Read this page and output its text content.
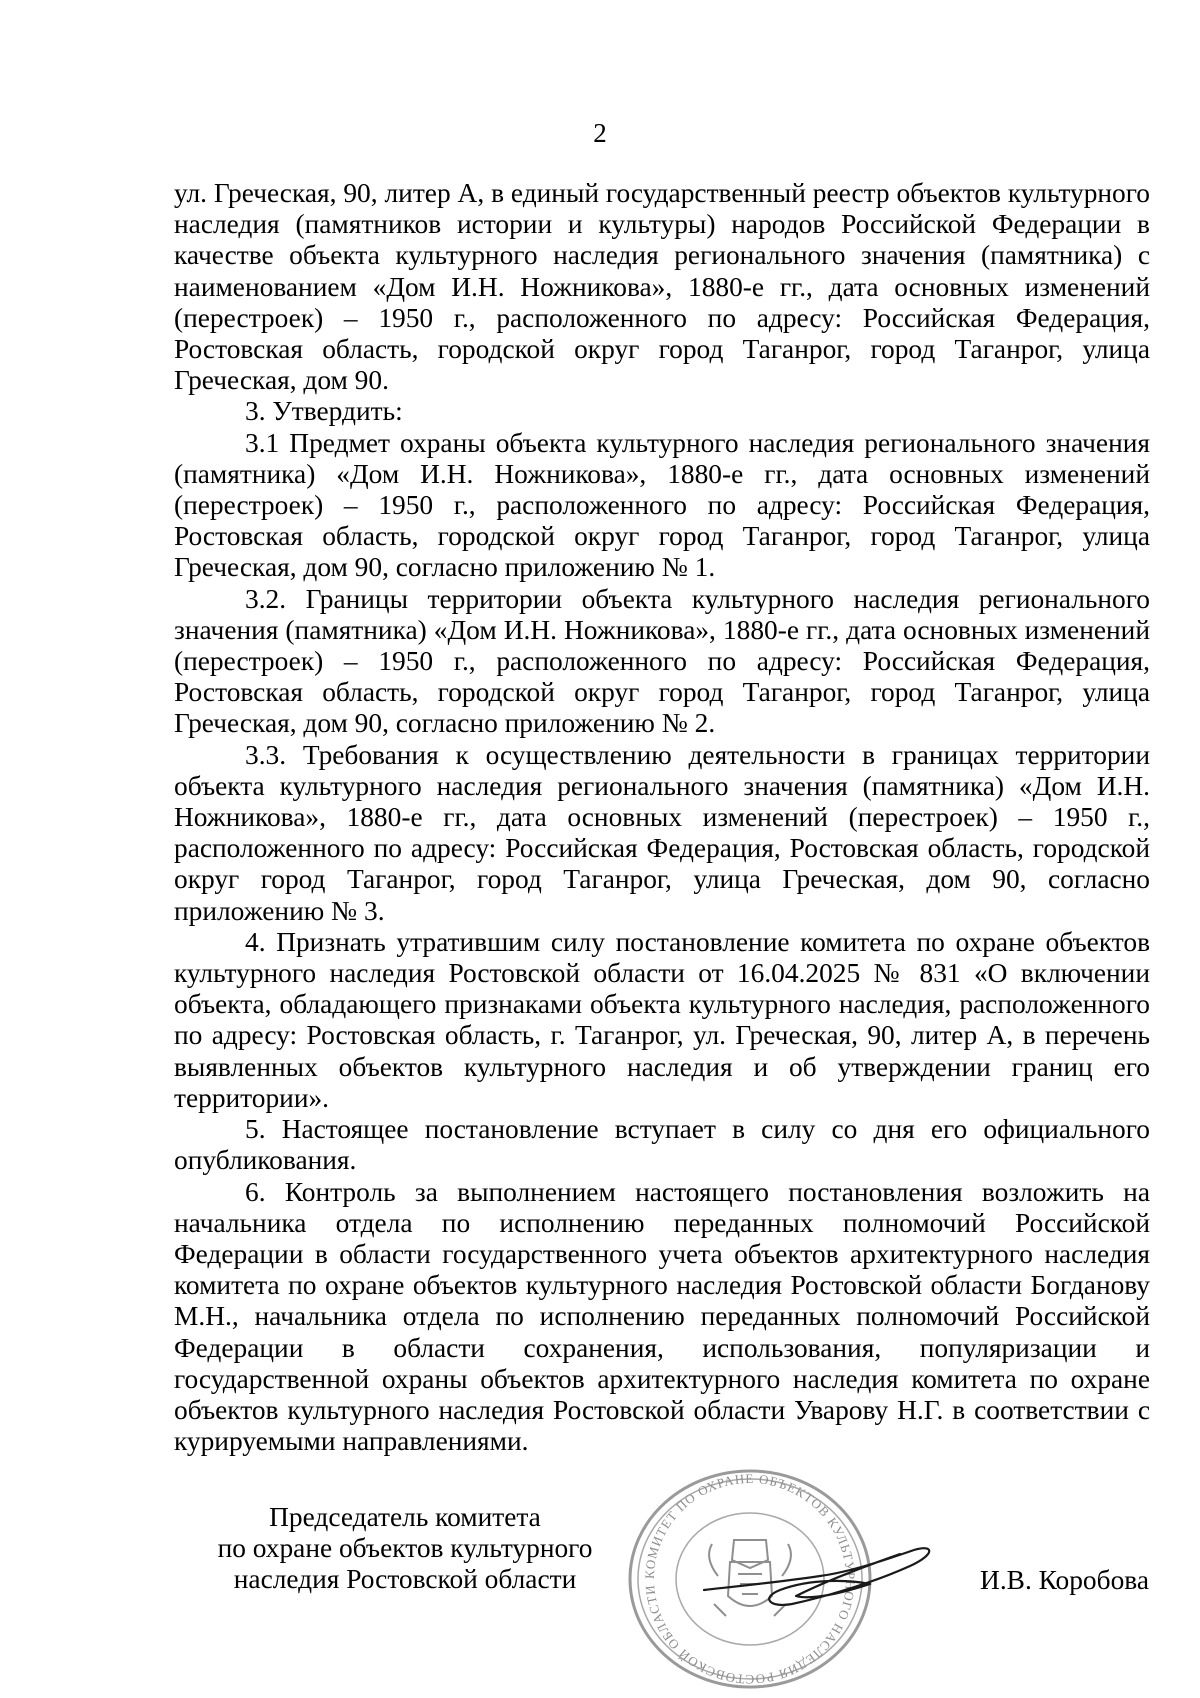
2

ул. Греческая, 90, литер А, в единый государственный реестр объектов культурного наследия (памятников истории и культуры) народов Российской Федерации в качестве объекта культурного наследия регионального значения (памятника) с наименованием «Дом И.Н. Ножникова», 1880-е гг., дата основных изменений (перестроек) – 1950 г., расположенного по адресу: Российская Федерация, Ростовская область, городской округ город Таганрог, город Таганрог, улица Греческая, дом 90.

3. Утвердить:

3.1 Предмет охраны объекта культурного наследия регионального значения (памятника) «Дом И.Н. Ножникова», 1880-е гг., дата основных изменений (перестроек) – 1950 г., расположенного по адресу: Российская Федерация, Ростовская область, городской округ город Таганрог, город Таганрог, улица Греческая, дом 90, согласно приложению № 1.

3.2. Границы территории объекта культурного наследия регионального значения (памятника) «Дом И.Н. Ножникова», 1880-е гг., дата основных изменений (перестроек) – 1950 г., расположенного по адресу: Российская Федерация, Ростовская область, городской округ город Таганрог, город Таганрог, улица Греческая, дом 90, согласно приложению № 2.

3.3. Требования к осуществлению деятельности в границах территории объекта культурного наследия регионального значения (памятника) «Дом И.Н. Ножникова», 1880-е гг., дата основных изменений (перестроек) – 1950 г., расположенного по адресу: Российская Федерация, Ростовская область, городской округ город Таганрог, город Таганрог, улица Греческая, дом 90, согласно приложению № 3.

4. Признать утратившим силу постановление комитета по охране объектов культурного наследия Ростовской области от 16.04.2025 № 831 «О включении объекта, обладающего признаками объекта культурного наследия, расположенного по адресу: Ростовская область, г. Таганрог, ул. Греческая, 90, литер А, в перечень выявленных объектов культурного наследия и об утверждении границ его территории».

5. Настоящее постановление вступает в силу со дня его официального опубликования.

6. Контроль за выполнением настоящего постановления возложить на начальника отдела по исполнению переданных полномочий Российской Федерации в области государственного учета объектов архитектурного наследия комитета по охране объектов культурного наследия Ростовской области Богданову М.Н., начальника отдела по исполнению переданных полномочий Российской Федерации в области сохранения, использования, популяризации и государственной охраны объектов архитектурного наследия комитета по охране объектов культурного наследия Ростовской области Уварову Н.Г. в соответствии с курируемыми направлениями.

Председатель комитета
по охране объектов культурного
наследия Ростовской области	КОМИТЕТ ПО ОХРАНЕ ОБЪЕКТОВ КУЛЬТУРНОГО НАСЛЕДИЯ РОСТОВСКОЙ ОБЛАСТИ	И.В. Коробова
